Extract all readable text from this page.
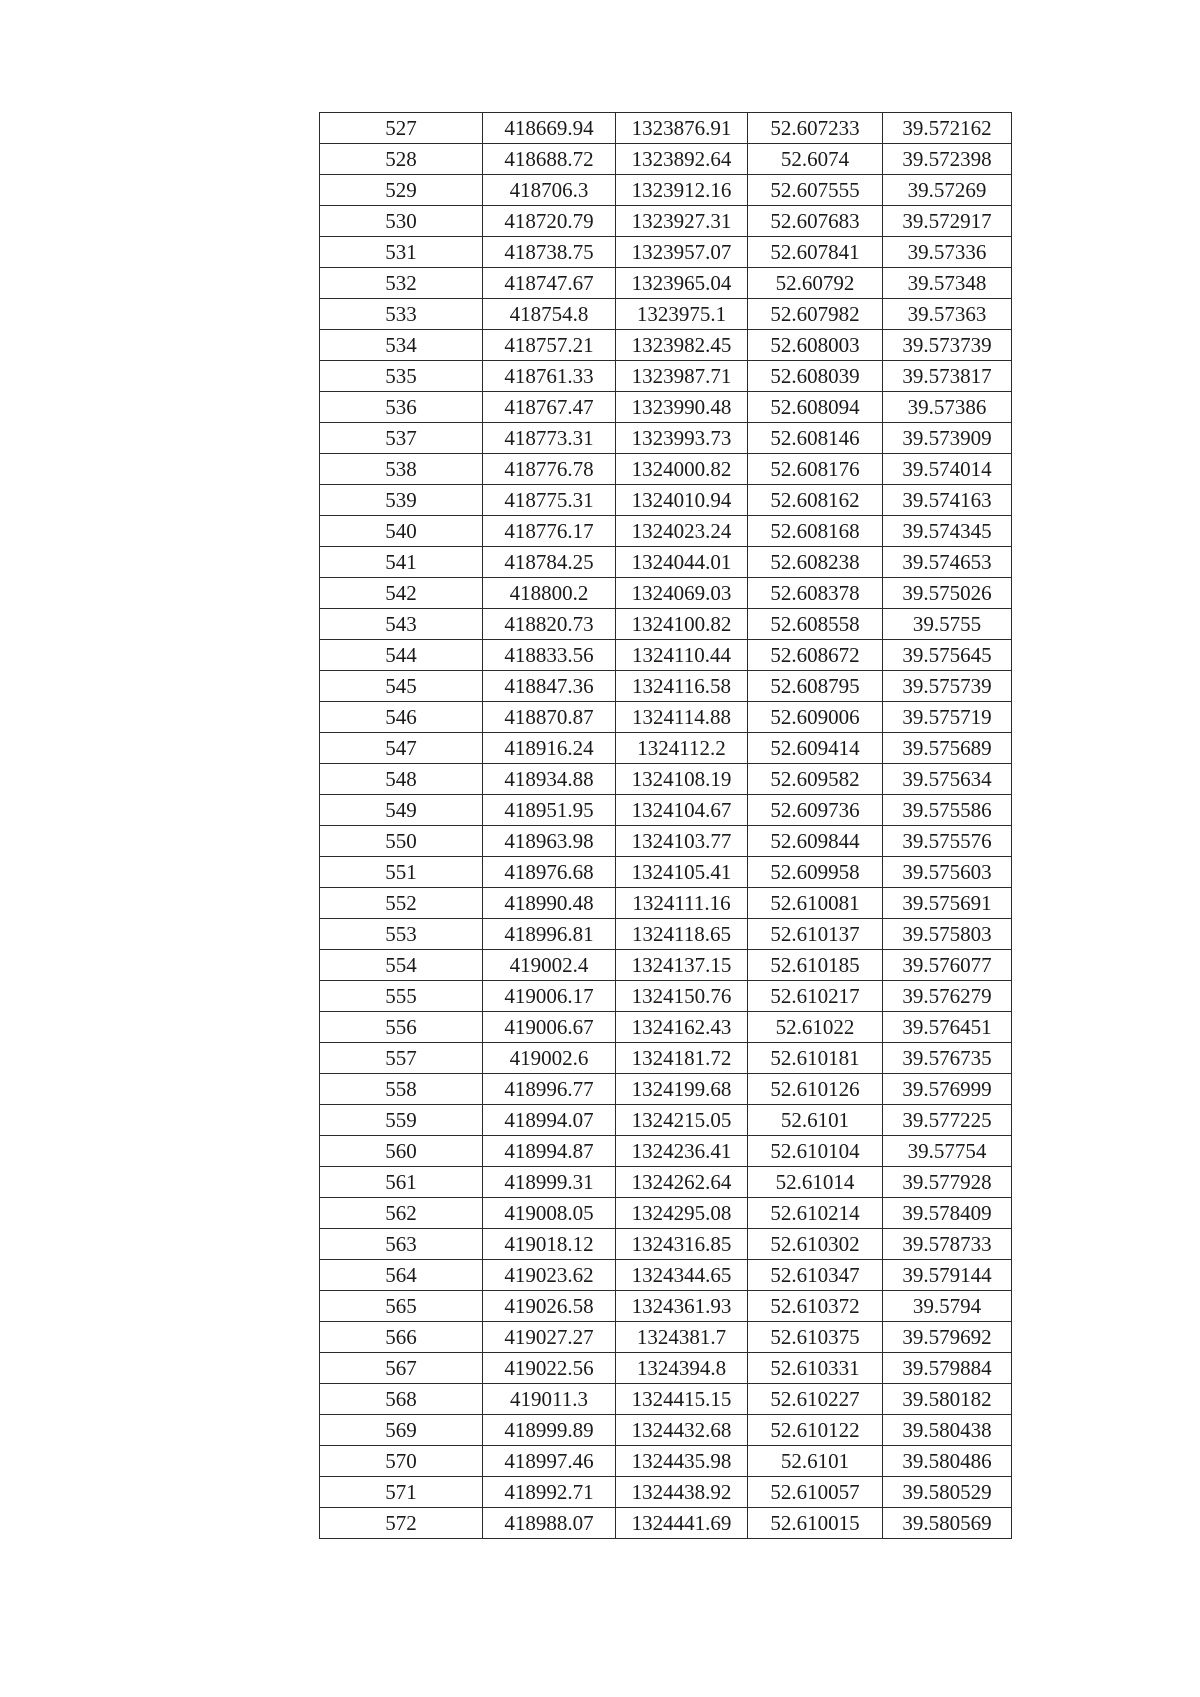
527	418669.94	1323876.91	52.607233	39.572162
528	418688.72	1323892.64	52.6074	39.572398
529	418706.3	1323912.16	52.607555	39.57269
530	418720.79	1323927.31	52.607683	39.572917
531	418738.75	1323957.07	52.607841	39.57336
532	418747.67	1323965.04	52.60792	39.57348
533	418754.8	1323975.1	52.607982	39.57363
534	418757.21	1323982.45	52.608003	39.573739
535	418761.33	1323987.71	52.608039	39.573817
536	418767.47	1323990.48	52.608094	39.57386
537	418773.31	1323993.73	52.608146	39.573909
538	418776.78	1324000.82	52.608176	39.574014
539	418775.31	1324010.94	52.608162	39.574163
540	418776.17	1324023.24	52.608168	39.574345
541	418784.25	1324044.01	52.608238	39.574653
542	418800.2	1324069.03	52.608378	39.575026
543	418820.73	1324100.82	52.608558	39.5755
544	418833.56	1324110.44	52.608672	39.575645
545	418847.36	1324116.58	52.608795	39.575739
546	418870.87	1324114.88	52.609006	39.575719
547	418916.24	1324112.2	52.609414	39.575689
548	418934.88	1324108.19	52.609582	39.575634
549	418951.95	1324104.67	52.609736	39.575586
550	418963.98	1324103.77	52.609844	39.575576
551	418976.68	1324105.41	52.609958	39.575603
552	418990.48	1324111.16	52.610081	39.575691
553	418996.81	1324118.65	52.610137	39.575803
554	419002.4	1324137.15	52.610185	39.576077
555	419006.17	1324150.76	52.610217	39.576279
556	419006.67	1324162.43	52.61022	39.576451
557	419002.6	1324181.72	52.610181	39.576735
558	418996.77	1324199.68	52.610126	39.576999
559	418994.07	1324215.05	52.6101	39.577225
560	418994.87	1324236.41	52.610104	39.57754
561	418999.31	1324262.64	52.61014	39.577928
562	419008.05	1324295.08	52.610214	39.578409
563	419018.12	1324316.85	52.610302	39.578733
564	419023.62	1324344.65	52.610347	39.579144
565	419026.58	1324361.93	52.610372	39.5794
566	419027.27	1324381.7	52.610375	39.579692
567	419022.56	1324394.8	52.610331	39.579884
568	419011.3	1324415.15	52.610227	39.580182
569	418999.89	1324432.68	52.610122	39.580438
570	418997.46	1324435.98	52.6101	39.580486
571	418992.71	1324438.92	52.610057	39.580529
572	418988.07	1324441.69	52.610015	39.580569
